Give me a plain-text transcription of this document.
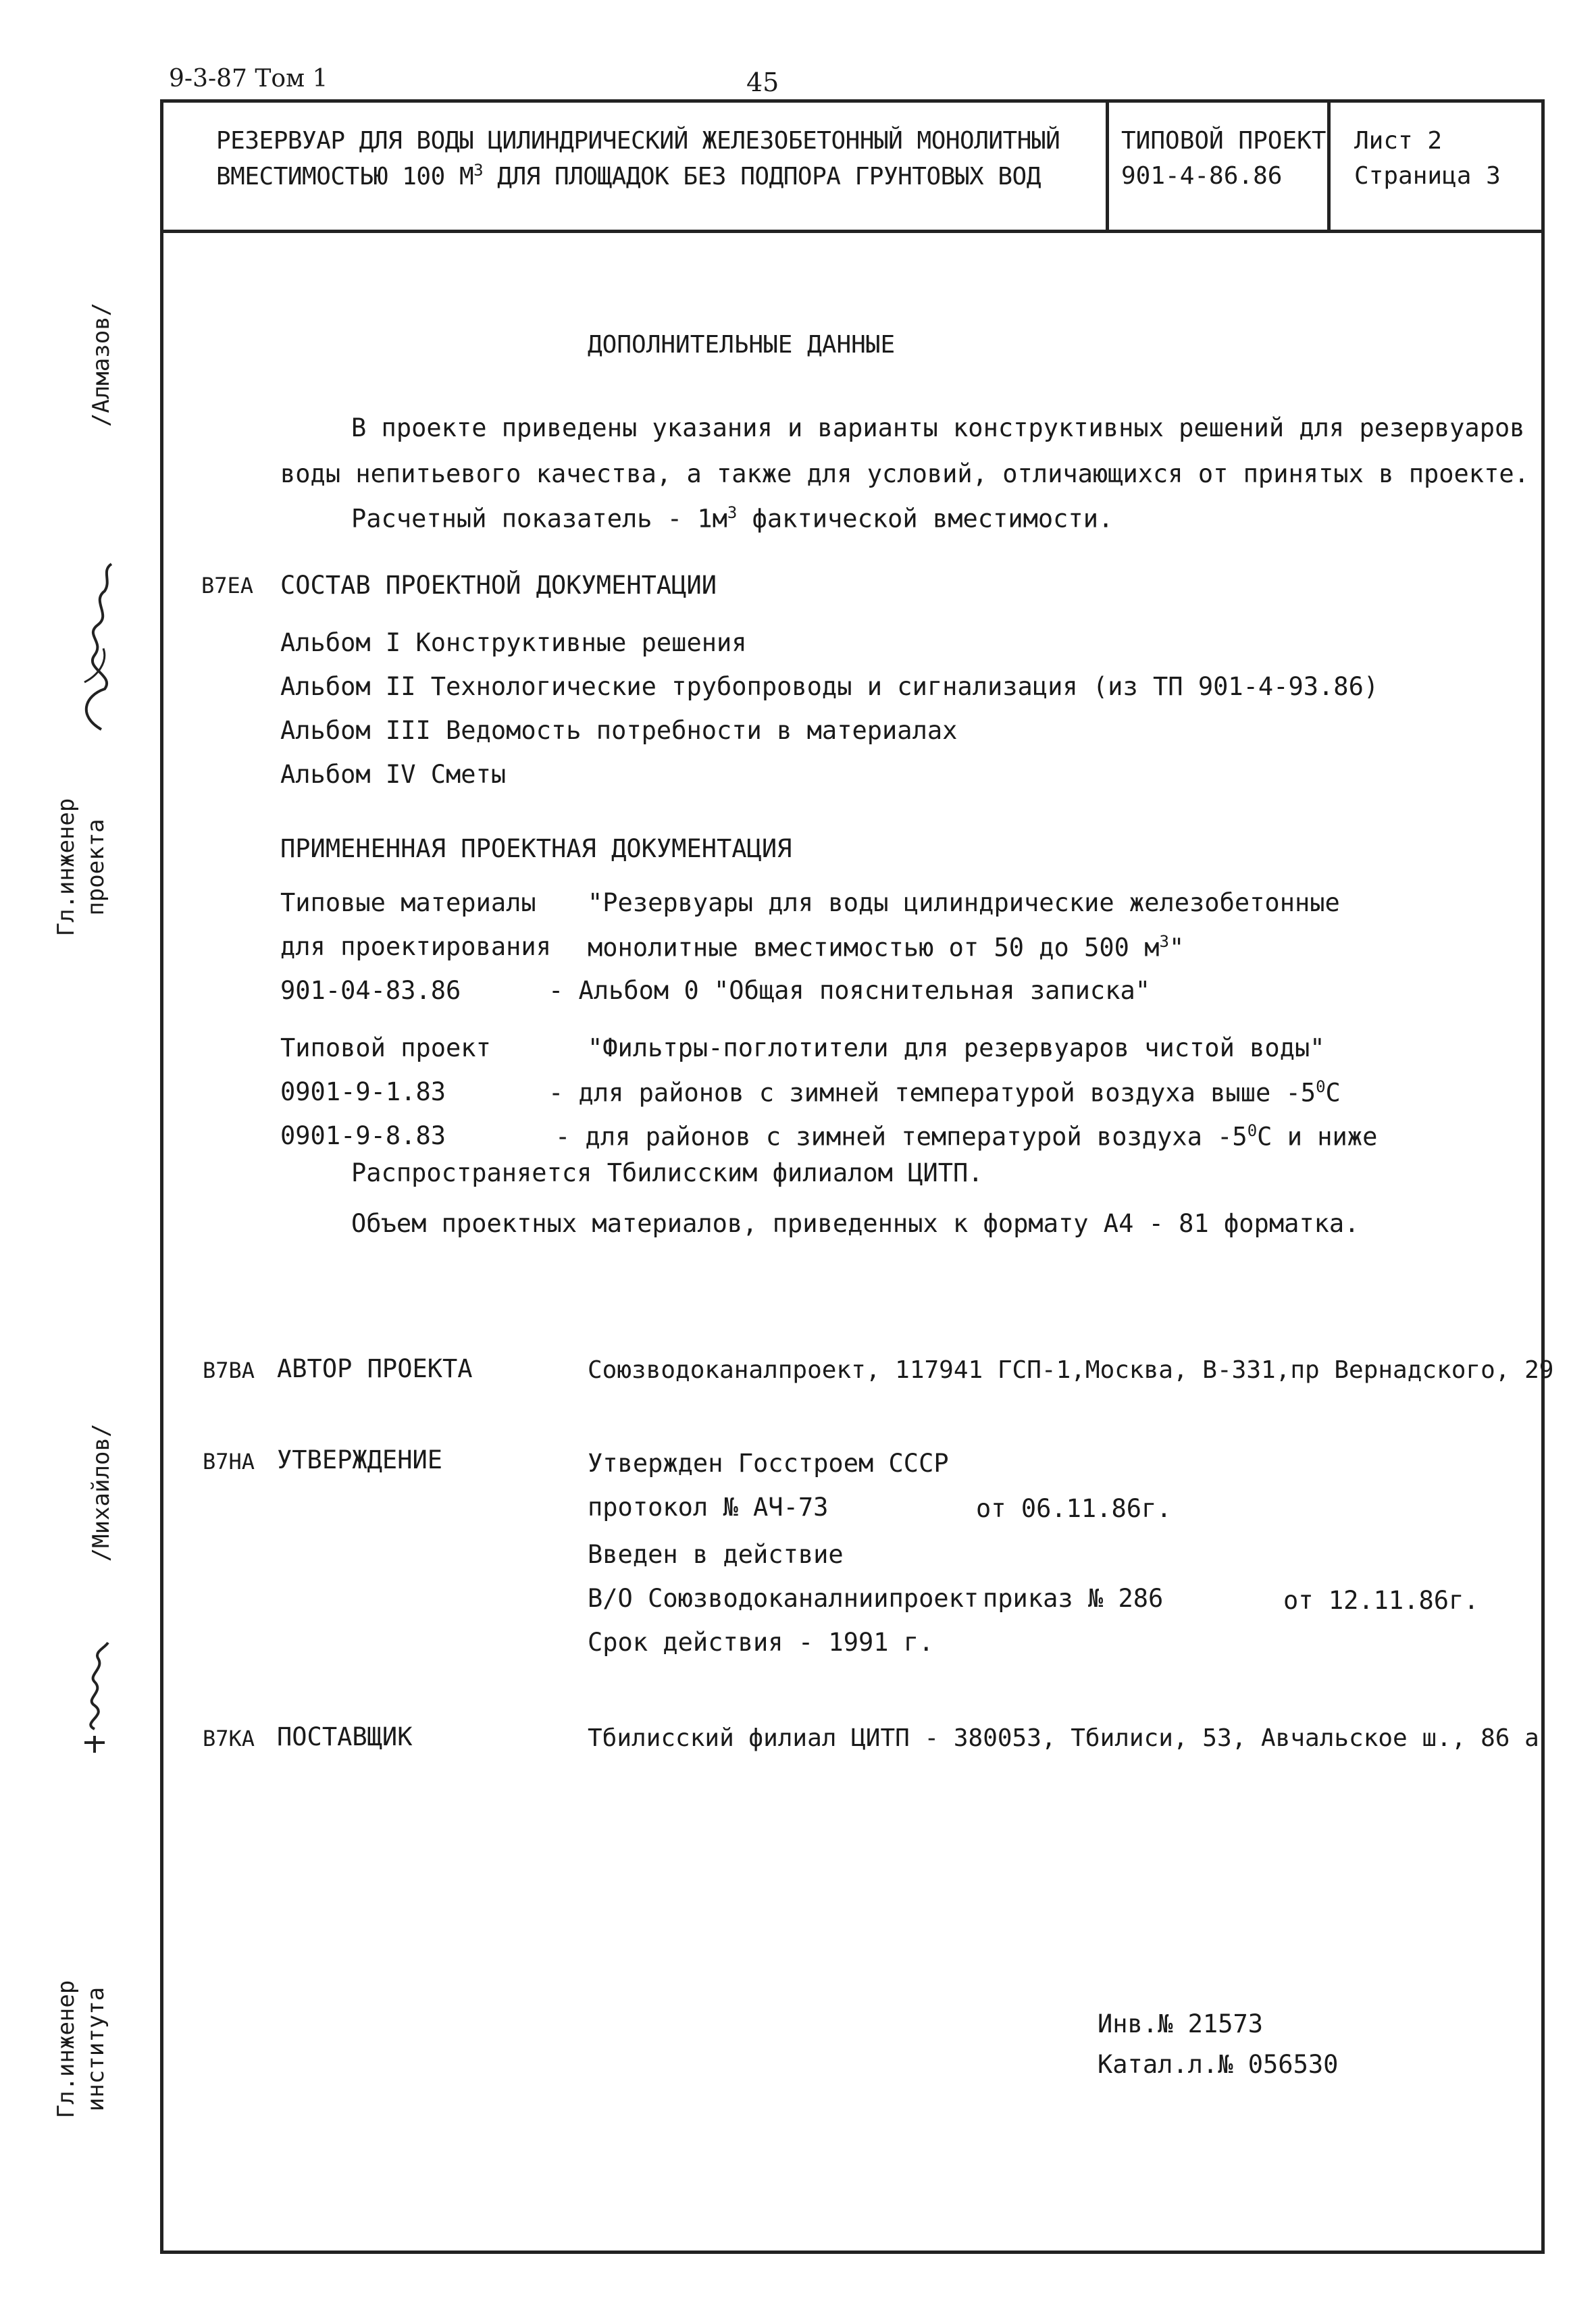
9-3-87 Том 1	45
РЕЗЕРВУАР ДЛЯ ВОДЫ ЦИЛИНДРИЧЕСКИЙ ЖЕЛЕЗОБЕТОННЫЙ МОНОЛИТНЫЙ
ВМЕСТИМОСТЬЮ 100 $М^3$ ДЛЯ ПЛОЩАДОК БЕЗ ПОДПОРА ГРУНТОВЫХ ВОД
ТИПОВОЙ ПРОЕКТ
901-4-86.86
Лист 2
Страница 3
/Алмазов/
Гл.инженер проекта
/Михайлов/
Гл.инженер института
ДОПОЛНИТЕЛЬНЫЕ ДАННЫЕ
В проекте приведены указания и варианты конструктивных решений для резервуаров
воды непитьевого качества, а также для условий, отличающихся от принятых в проекте.
Расчетный показатель - $1м^3$ фактической вместимости.
B7EA СОСТАВ ПРОЕКТНОЙ ДОКУМЕНТАЦИИ
Альбом I Конструктивные решения
Альбом II Технологические трубопроводы и сигнализация (из ТП 901-4-93.86)
Альбом III Ведомость потребности в материалах
Альбом IV Сметы
ПРИМЕНЕННАЯ ПРОЕКТНАЯ ДОКУМЕНТАЦИЯ
Типовые материалы "Резервуары для воды цилиндрические железобетонные
для проектирования монолитные вместимостью от 50 до 500 $м^3$"
901-04-83.86	- Альбом 0 "Общая пояснительная записка"
Типовой проект	"Фильтры-поглотители для резервуаров чистой воды"
0901-9-1.83	- для районов с зимней температурой воздуха выше $-5^0С$
0901-9-8.83	- для районов с зимней температурой воздуха $-5^0С$ и ниже
Распространяется Тбилисским филиалом ЦИТП.
Объем проектных материалов, приведенных к формату А4 - 81 форматка.
B7BA АВТОР ПРОЕКТА	Союзводоканалпроект, 117941 ГСП-1,Москва, В-331,пр Вернадского, 29
B7HA УТВЕРЖДЕНИЕ	Утвержден Госстроем СССР
протокол № АЧ-73	от 06.11.86г.
Введен в действие
В/О Союзводоканалниипроект приказ № 286	от 12.11.86г.
Срок действия - 1991 г.
B7KA ПОСТАВЩИК	Тбилисский филиал ЦИТП - 380053, Тбилиси, 53, Авчальское ш., 86 а
Инв.№ 21573
Катал.л.№ 056530
